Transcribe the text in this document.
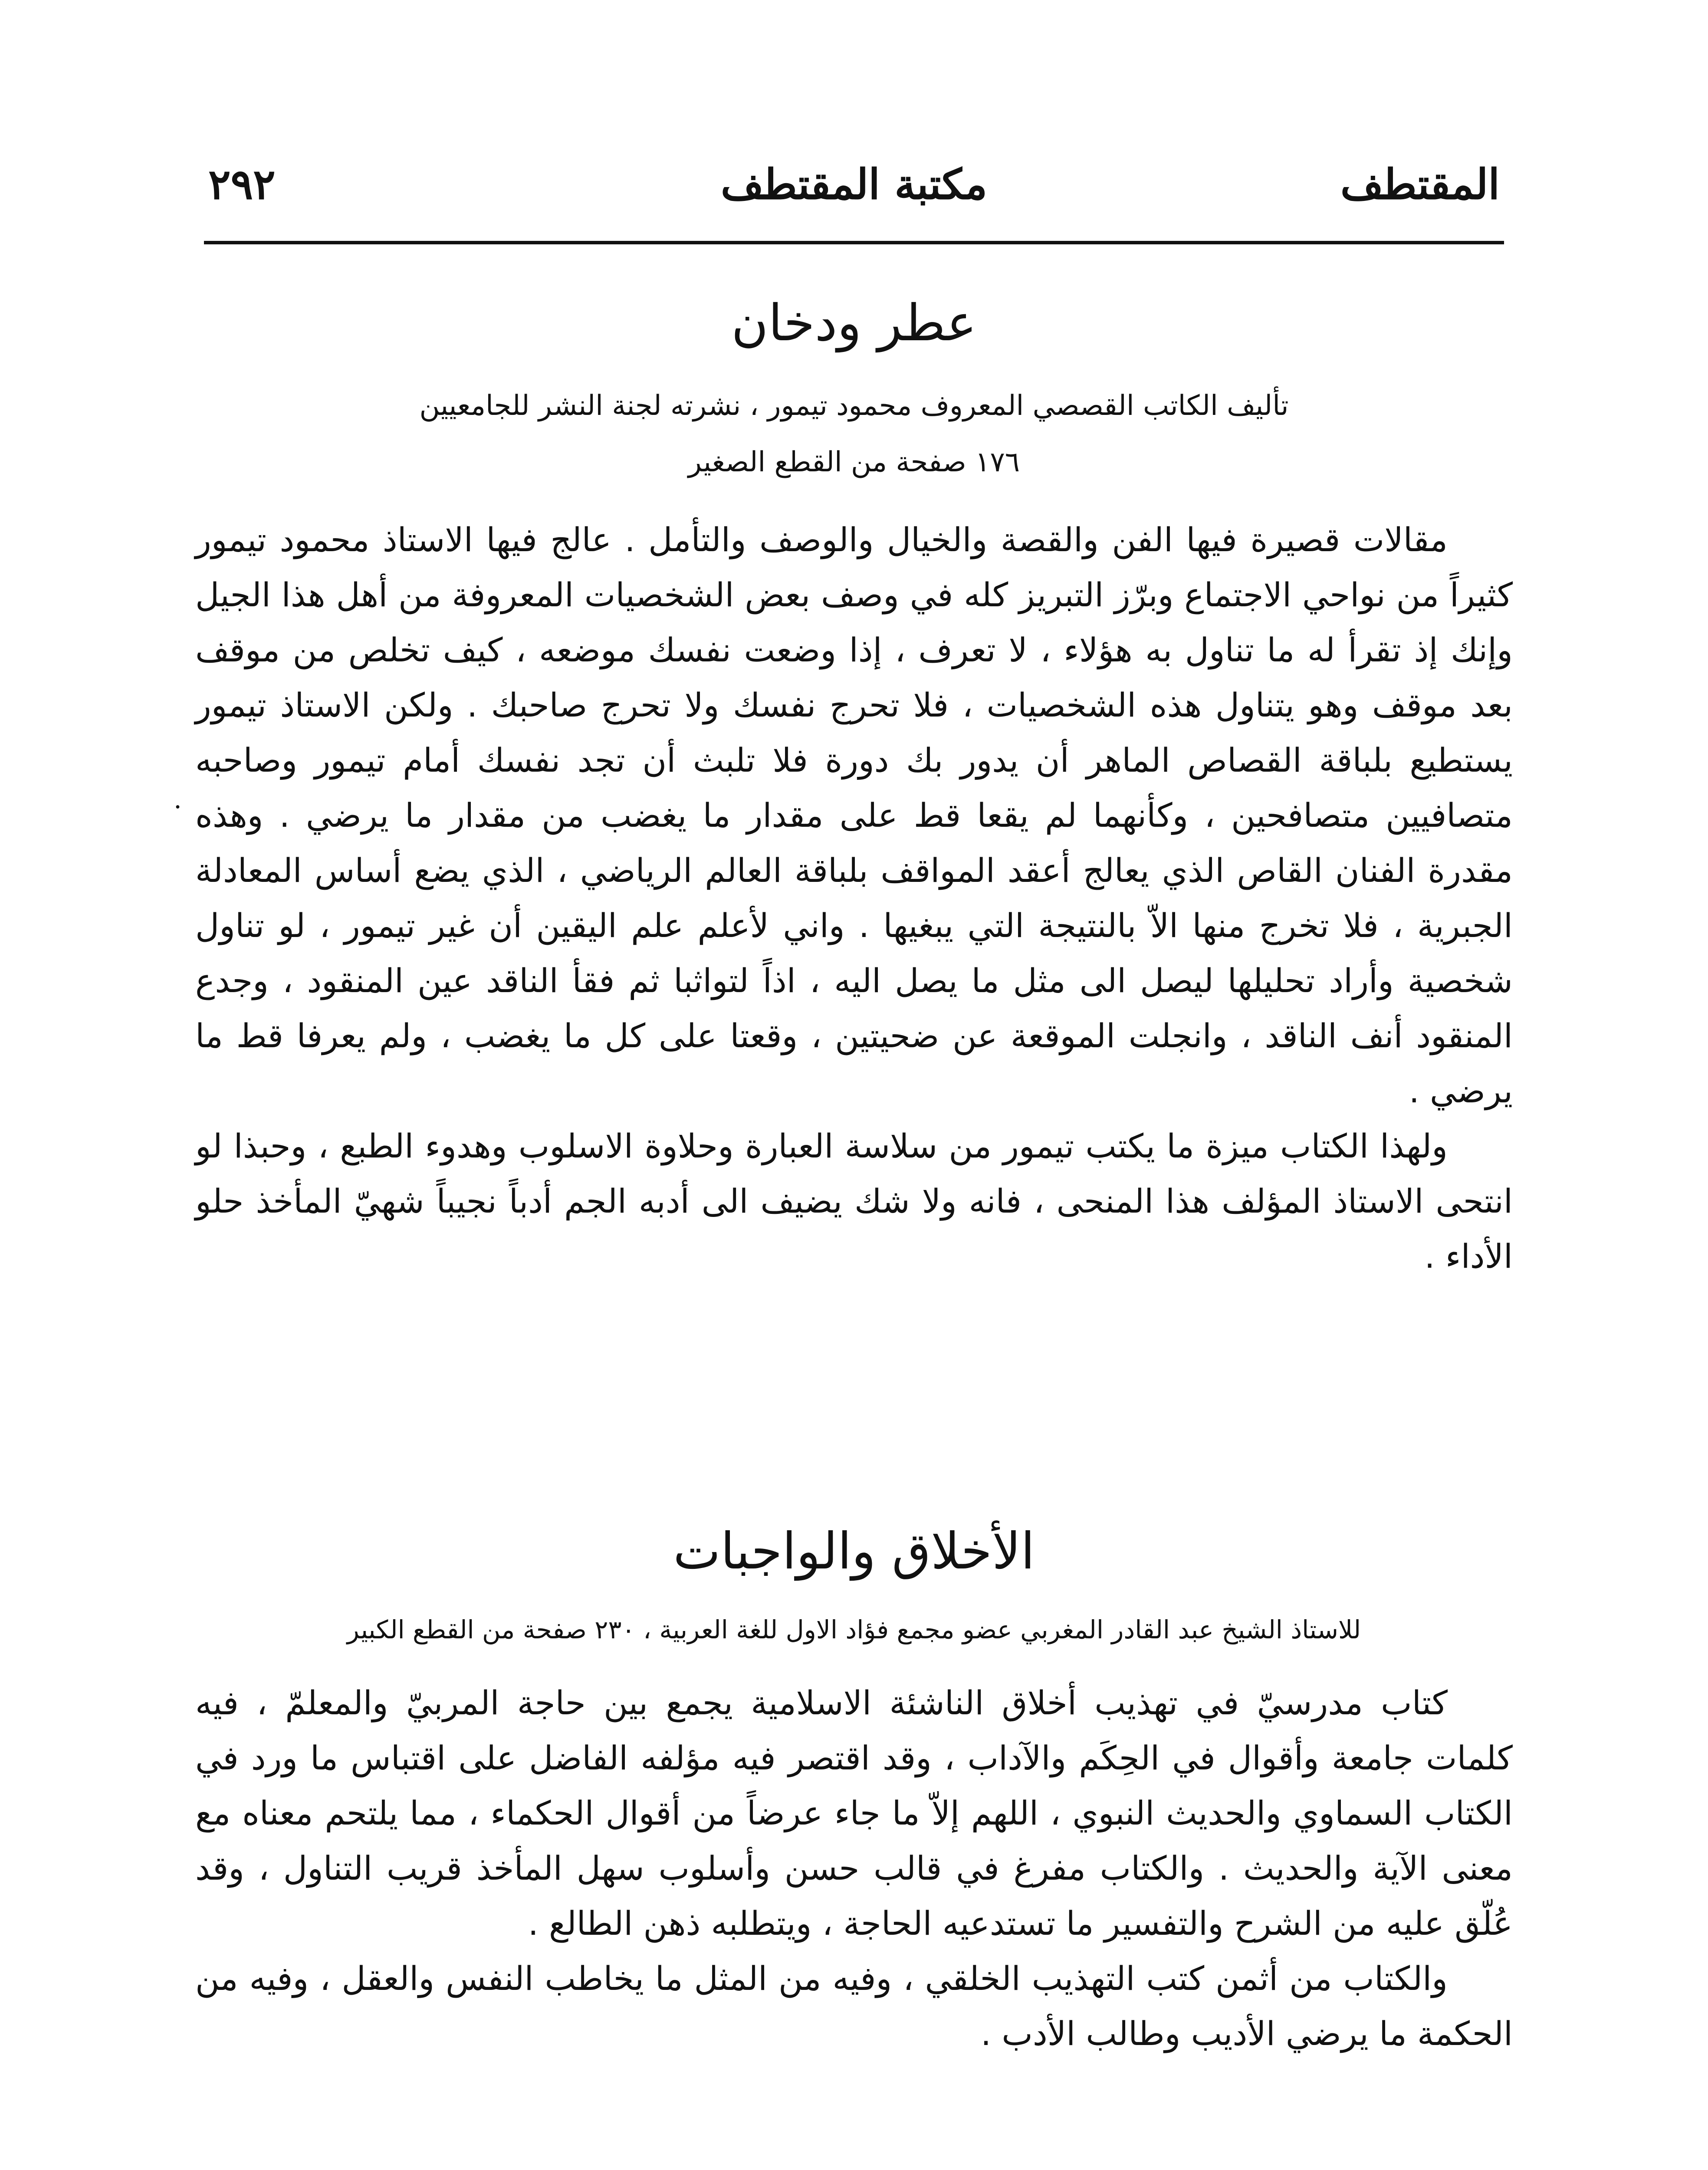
٢٩٢	مكتبة المقتطف	المقتطف
عطر ودخان
تأليف الكاتب القصصي المعروف محمود تيمور ، نشرته لجنة النشر للجامعيين
١٧٦ صفحة من القطع الصغير

مقالات قصيرة فيها الفن والقصة والخيال والوصف والتأمل . عالج فيها الاستاذ محمود تيمور كثيراً من نواحي الاجتماع وبرّز التبريز كله في وصف بعض الشخصيات المعروفة من أهل هذا الجيل وإنك إذ تقرأ له ما تناول به هؤلاء ، لا تعرف ، إذا وضعت نفسك موضعه ، كيف تخلص من موقف بعد موقف وهو يتناول هذه الشخصيات ، فلا تحرج نفسك ولا تحرج صاحبك . ولكن الاستاذ تيمور يستطيع بلباقة القصاص الماهر أن يدور بك دورة فلا تلبث أن تجد نفسك أمام تيمور وصاحبه متصافيين متصافحين ، وكأنهما لم يقعا قط على مقدار ما يغضب من مقدار ما يرضي . وهذه مقدرة الفنان القاص الذي يعالج أعقد المواقف بلباقة العالم الرياضي ، الذي يضع أساس المعادلة الجبرية ، فلا تخرج منها الاّ بالنتيجة التي يبغيها . واني لأعلم علم اليقين أن غير تيمور ، لو تناول شخصية وأراد تحليلها ليصل الى مثل ما يصل اليه ، اذاً لتواثبا ثم فقأ الناقد عين المنقود ، وجدع المنقود أنف الناقد ، وانجلت الموقعة عن ضحيتين ، وقعتا على كل ما يغضب ، ولم يعرفا قط ما يرضي .

ولهذا الكتاب ميزة ما يكتب تيمور من سلاسة العبارة وحلاوة الاسلوب وهدوء الطبع ، وحبذا لو انتحى الاستاذ المؤلف هذا المنحى ، فانه ولا شك يضيف الى أدبه الجم أدباً نجيباً شهيّ المأخذ حلو الأداء .

الأخلاق والواجبات
للاستاذ الشيخ عبد القادر المغربي عضو مجمع فؤاد الاول للغة العربية ، ٢٣٠ صفحة من القطع الكبير

كتاب مدرسيّ في تهذيب أخلاق الناشئة الاسلامية يجمع بين حاجة المربيّ والمعلمّ ، فيه كلمات جامعة وأقوال في الحِكَم والآداب ، وقد اقتصر فيه مؤلفه الفاضل على اقتباس ما ورد في الكتاب السماوي والحديث النبوي ، اللهم إلاّ ما جاء عرضاً من أقوال الحكماء ، مما يلتحم معناه مع معنى الآية والحديث . والكتاب مفرغ في قالب حسن وأسلوب سهل المأخذ قريب التناول ، وقد عُلّق عليه من الشرح والتفسير ما تستدعيه الحاجة ، ويتطلبه ذهن الطالع .

والكتاب من أثمن كتب التهذيب الخلقي ، وفيه من المثل ما يخاطب النفس والعقل ، وفيه من الحكمة ما يرضي الأديب وطالب الأدب .

·
